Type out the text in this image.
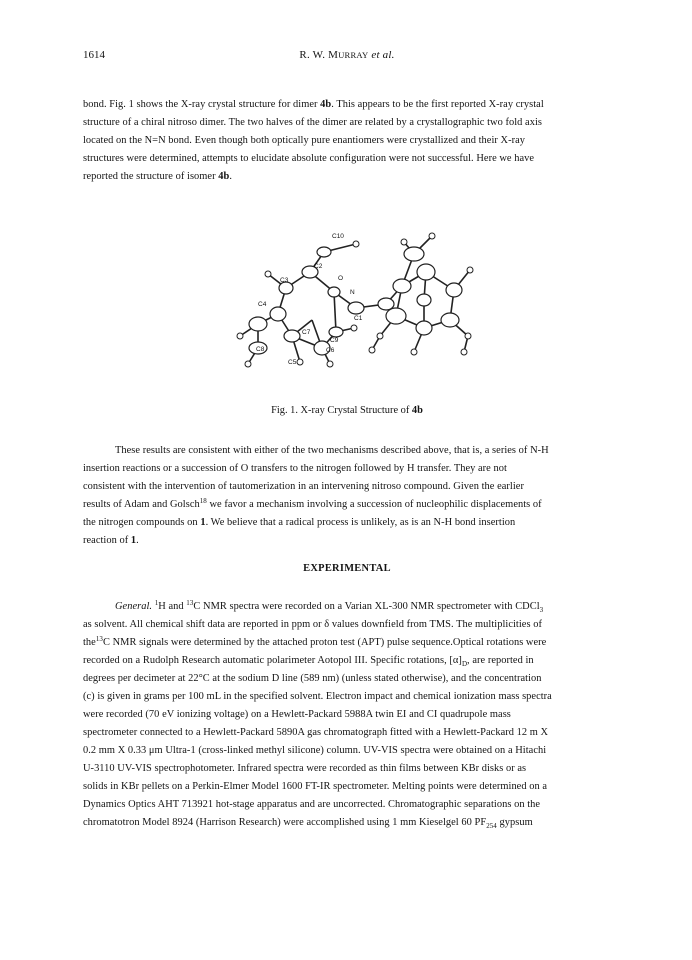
1614	R. W. MURRAY et al.
bond. Fig. 1 shows the X-ray crystal structure for dimer 4b. This appears to be the first reported X-ray crystal
structure of a chiral nitroso dimer. The two halves of the dimer are related by a crystallographic two fold axis
located on the N=N bond. Even though both optically pure enantiomers were crystallized and their X-ray
structures were determined, attempts to elucidate absolute configuration were not successful. Here we have
reported the structure of isomer 4b.
C10
C2
O
C3
N
C4
C1
C7
C9
C8	C6
C5
Fig. 1. X-ray Crystal Structure of 4b
These results are consistent with either of the two mechanisms described above, that is, a series of N-H
insertion reactions or a succession of O transfers to the nitrogen followed by H transfer. They are not
consistent with the intervention of tautomerization in an intervening nitroso compound. Given the earlier
results of Adam and Golsch$^{18}$ we favor a mechanism involving a succession of nucleophilic displacements of
the nitrogen compounds on 1. We believe that a radical process is unlikely, as is an N-H bond insertion
reaction of 1.
EXPERIMENTAL
General. $^1$H and $^{13}$C NMR spectra were recorded on a Varian XL-300 NMR spectrometer with CDCl$_3$
as solvent. All chemical shift data are reported in ppm or δ values downfield from TMS. The multiplicities of
the$^{13}$C NMR signals were determined by the attached proton test (APT) pulse sequence.Optical rotations were
recorded on a Rudolph Research automatic polarimeter Aotopol III. Specific rotations, $[\alpha]_D$, are reported in
degrees per decimeter at 22°C at the sodium D line (589 nm) (unless stated otherwise), and the concentration
(c) is given in grams per 100 mL in the specified solvent. Electron impact and chemical ionization mass spectra
were recorded (70 eV ionizing voltage) on a Hewlett-Packard 5988A twin EI and CI quadrupole mass
spectrometer connected to a Hewlett-Packard 5890A gas chromatograph fitted with a Hewlett-Packard 12 m X
0.2 mm X 0.33 μm Ultra-1 (cross-linked methyl silicone) column. UV-VIS spectra were obtained on a Hitachi
U-3110 UV-VIS spectrophotometer. Infrared spectra were recorded as thin films between KBr disks or as
solids in KBr pellets on a Perkin-Elmer Model 1600 FT-IR spectrometer. Melting points were determined on a
Dynamics Optics AHT 713921 hot-stage apparatus and are uncorrected. Chromatographic separations on the
chromatotron Model 8924 (Harrison Research) were accomplished using 1 mm Kieselgel 60 $PF_{254}$ gypsum
